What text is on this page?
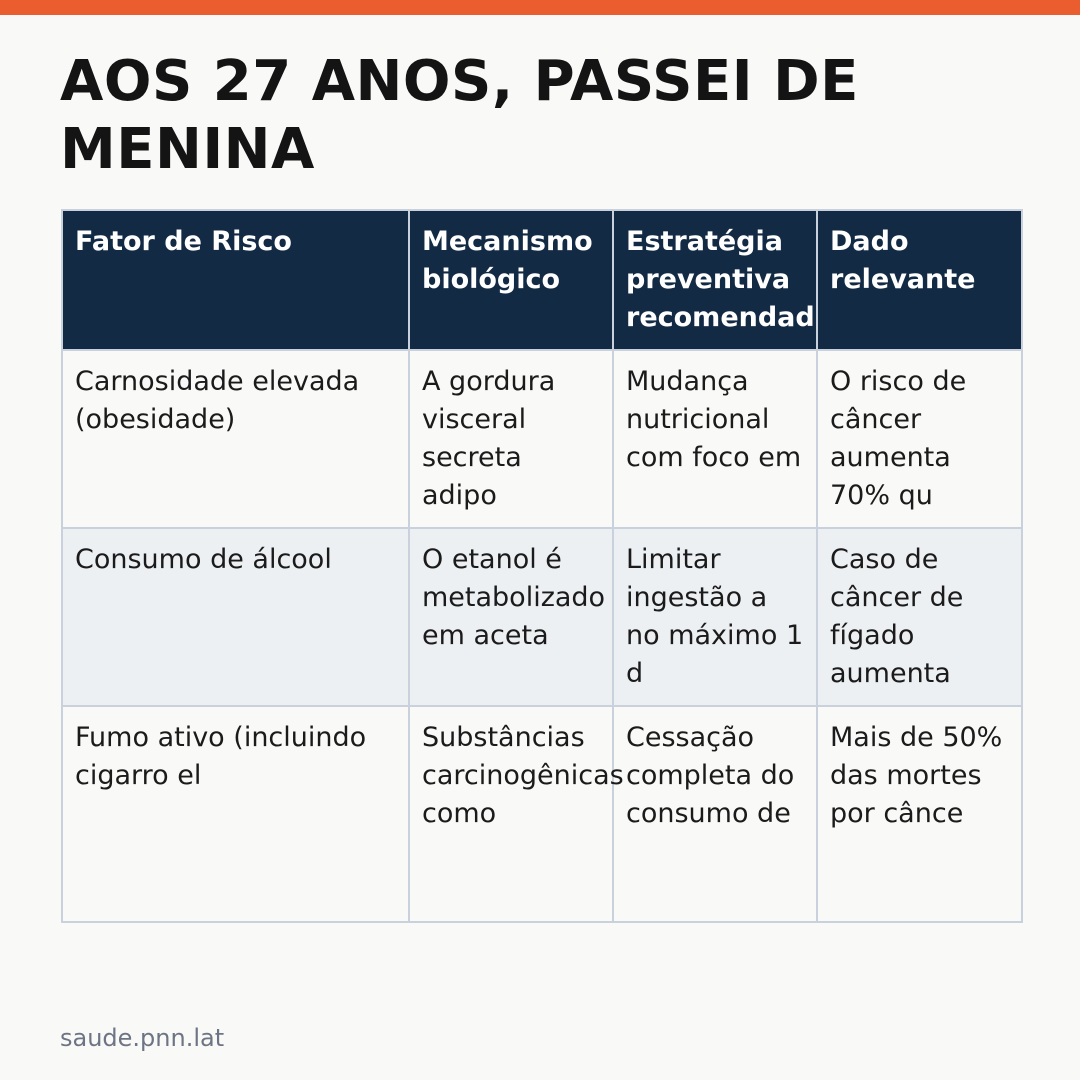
AOS 27 ANOS, PASSEI DE MENINA
Fator de Risco	Mecanismo biológico	Estratégia preventiva recomendad	Dado relevante
Carnosidade elevada (obesidade)	A gordura visceral secreta adipo	Mudança nutricional com foco em	O risco de câncer aumenta 70% qu
Consumo de álcool	O etanol é metabolizado em aceta	Limitar ingestão a no máximo 1 d	Caso de câncer de fígado aumenta
Fumo ativo (incluindo cigarro el	Substâncias carcinogênicas como	Cessação completa do consumo de	Mais de 50% das mortes por cânce
saude.pnn.lat
